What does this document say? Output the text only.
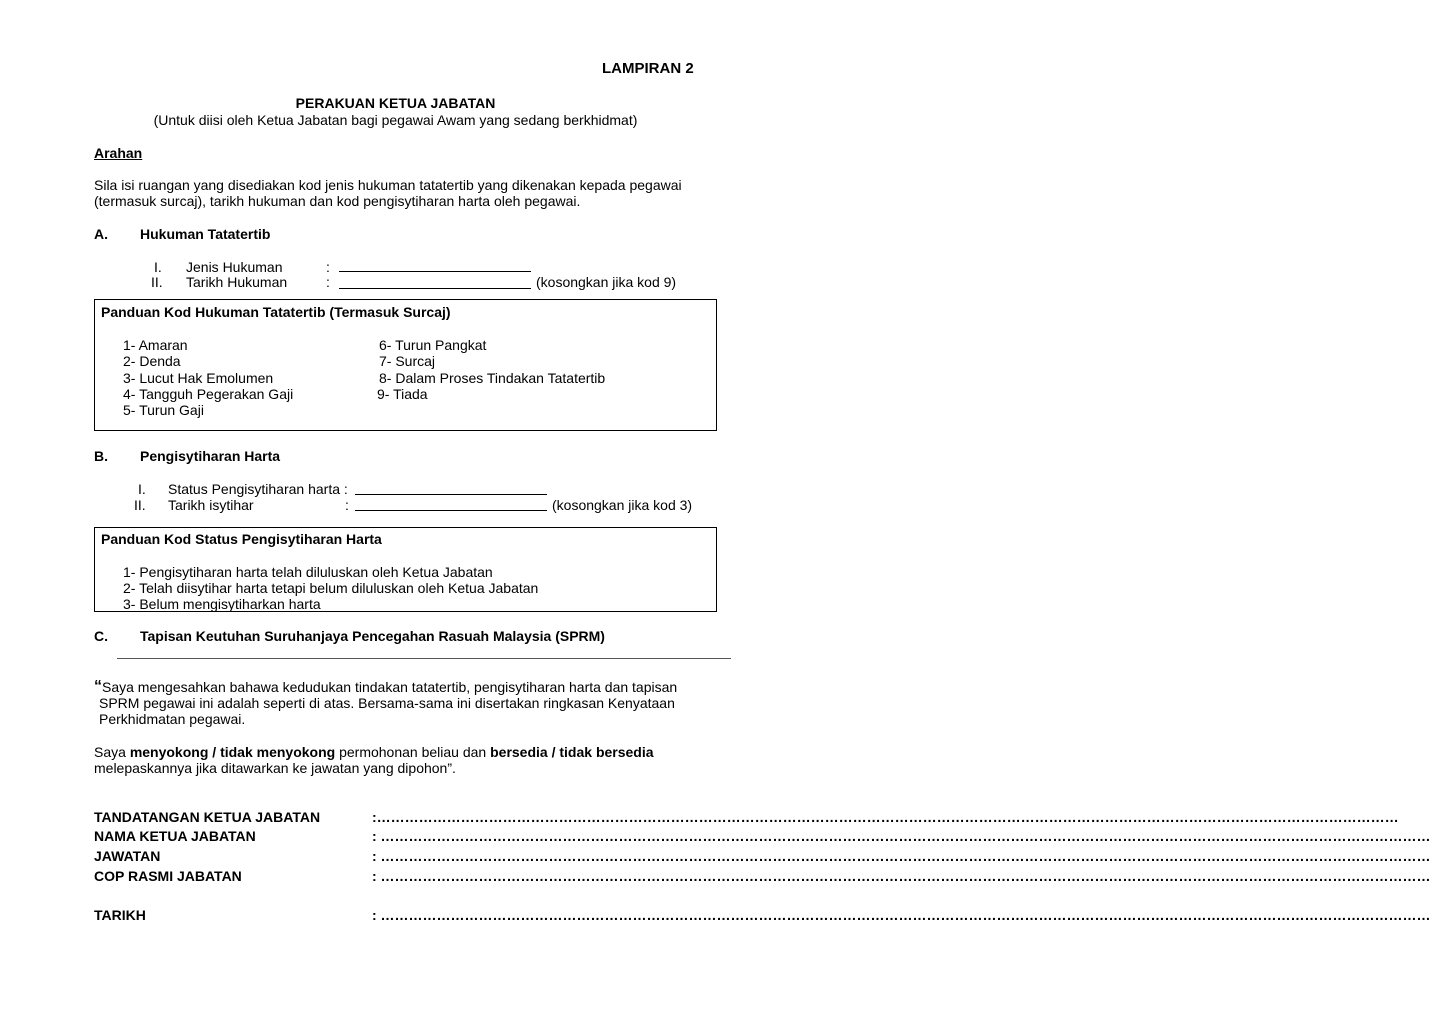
LAMPIRAN 2
PERAKUAN KETUA JABATAN
(Untuk diisi oleh Ketua Jabatan bagi pegawai Awam yang sedang berkhidmat)
Arahan
Sila isi ruangan yang disediakan kod jenis hukuman tatatertib yang dikenakan kepada pegawai
(termasuk surcaj), tarikh hukuman dan kod pengisytiharan harta oleh pegawai.
A. Hukuman Tatatertib
I. Jenis Hukuman	:
II. Tarikh Hukuman	:	(kosongkan jika kod 9)
Panduan Kod Hukuman Tatatertib (Termasuk Surcaj)
1- Amaran
2- Denda
3- Lucut Hak Emolumen
4- Tangguh Pegerakan Gaji
5- Turun Gaji
6- Turun Pangkat
7- Surcaj
8- Dalam Proses Tindakan Tatatertib
9- Tiada
B. Pengisytiharan Harta
I. Status Pengisytiharan harta :
II. Tarikh isytihar	:	(kosongkan jika kod 3)
Panduan Kod Status Pengisytiharan Harta
1- Pengisytiharan harta telah diluluskan oleh Ketua Jabatan
2- Telah diisytihar harta tetapi belum diluluskan oleh Ketua Jabatan
3- Belum mengisytiharkan harta
C. Tapisan Keutuhan Suruhanjaya Pencegahan Rasuah Malaysia (SPRM)
“ Saya mengesahkan bahawa kedudukan tindakan tatatertib, pengisytiharan harta dan tapisan
SPRM pegawai ini adalah seperti di atas. Bersama-sama ini disertakan ringkasan Kenyataan
Perkhidmatan pegawai.
Saya menyokong / tidak menyokong permohonan beliau dan bersedia / tidak bersedia
melepaskannya jika ditawarkan ke jawatan yang dipohon”.
TANDATANGAN KETUA JABATAN	:…………………………………………………………………………………………………………………………………………………………………………………………………
NAMA KETUA JABATAN	: ………………………………………………………………………………………………………………………………………………………………………………………………………
JAWATAN	: ………………………………………………………………………………………………………………………………………………………………………………………………………
COP RASMI JABATAN	: ………………………………………………………………………………………………………………………………………………………………………………………………………
TARIKH	: ………………………………………………………………………………………………………………………………………………………………………………………………………
